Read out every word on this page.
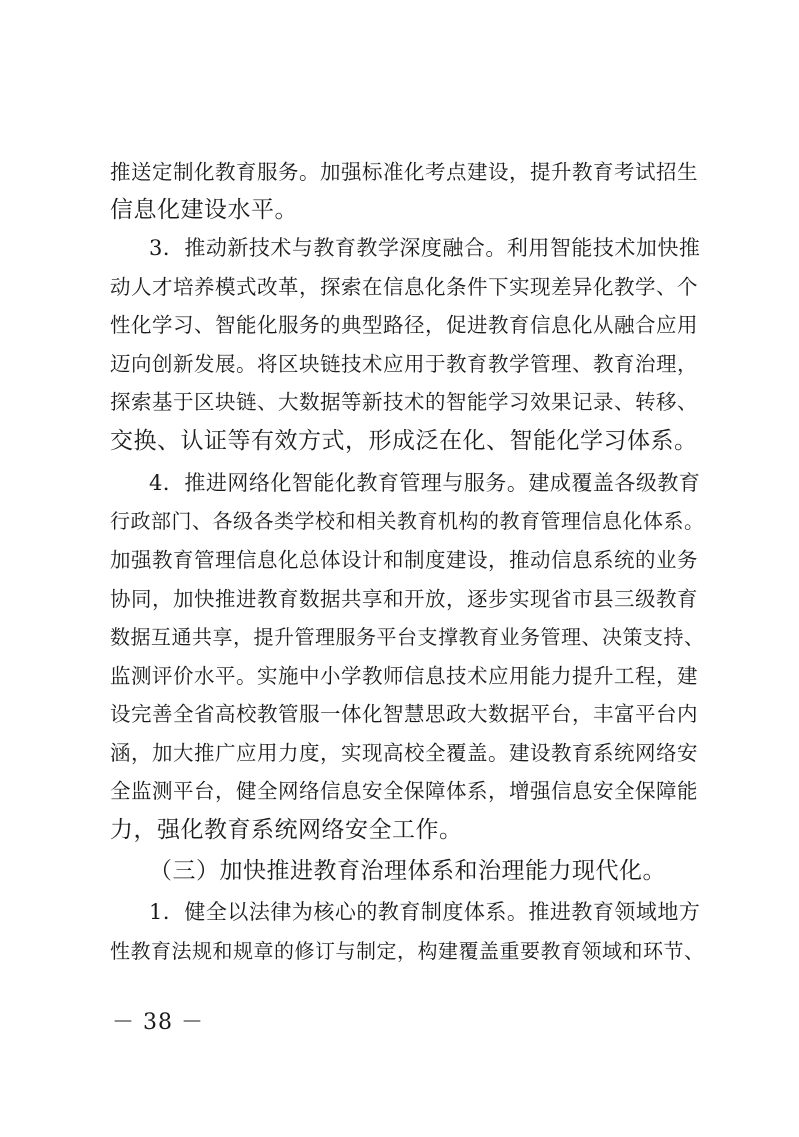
推送定制化教育服务。加强标准化考点建设，提升教育考试招生
信息化建设水平。
3．推动新技术与教育教学深度融合。利用智能技术加快推
动人才培养模式改革，探索在信息化条件下实现差异化教学、个
性化学习、智能化服务的典型路径，促进教育信息化从融合应用
迈向创新发展。将区块链技术应用于教育教学管理、教育治理，
探索基于区块链、大数据等新技术的智能学习效果记录、转移、
交换、认证等有效方式，形成泛在化、智能化学习体系。
4．推进网络化智能化教育管理与服务。建成覆盖各级教育
行政部门、各级各类学校和相关教育机构的教育管理信息化体系。
加强教育管理信息化总体设计和制度建设，推动信息系统的业务
协同，加快推进教育数据共享和开放，逐步实现省市县三级教育
数据互通共享，提升管理服务平台支撑教育业务管理、决策支持、
监测评价水平。实施中小学教师信息技术应用能力提升工程，建
设完善全省高校教管服一体化智慧思政大数据平台，丰富平台内
涵，加大推广应用力度，实现高校全覆盖。建设教育系统网络安
全监测平台，健全网络信息安全保障体系，增强信息安全保障能
力，强化教育系统网络安全工作。
（三）加快推进教育治理体系和治理能力现代化。
1．健全以法律为核心的教育制度体系。推进教育领域地方
性教育法规和规章的修订与制定，构建覆盖重要教育领域和环节、
－ 38 －
